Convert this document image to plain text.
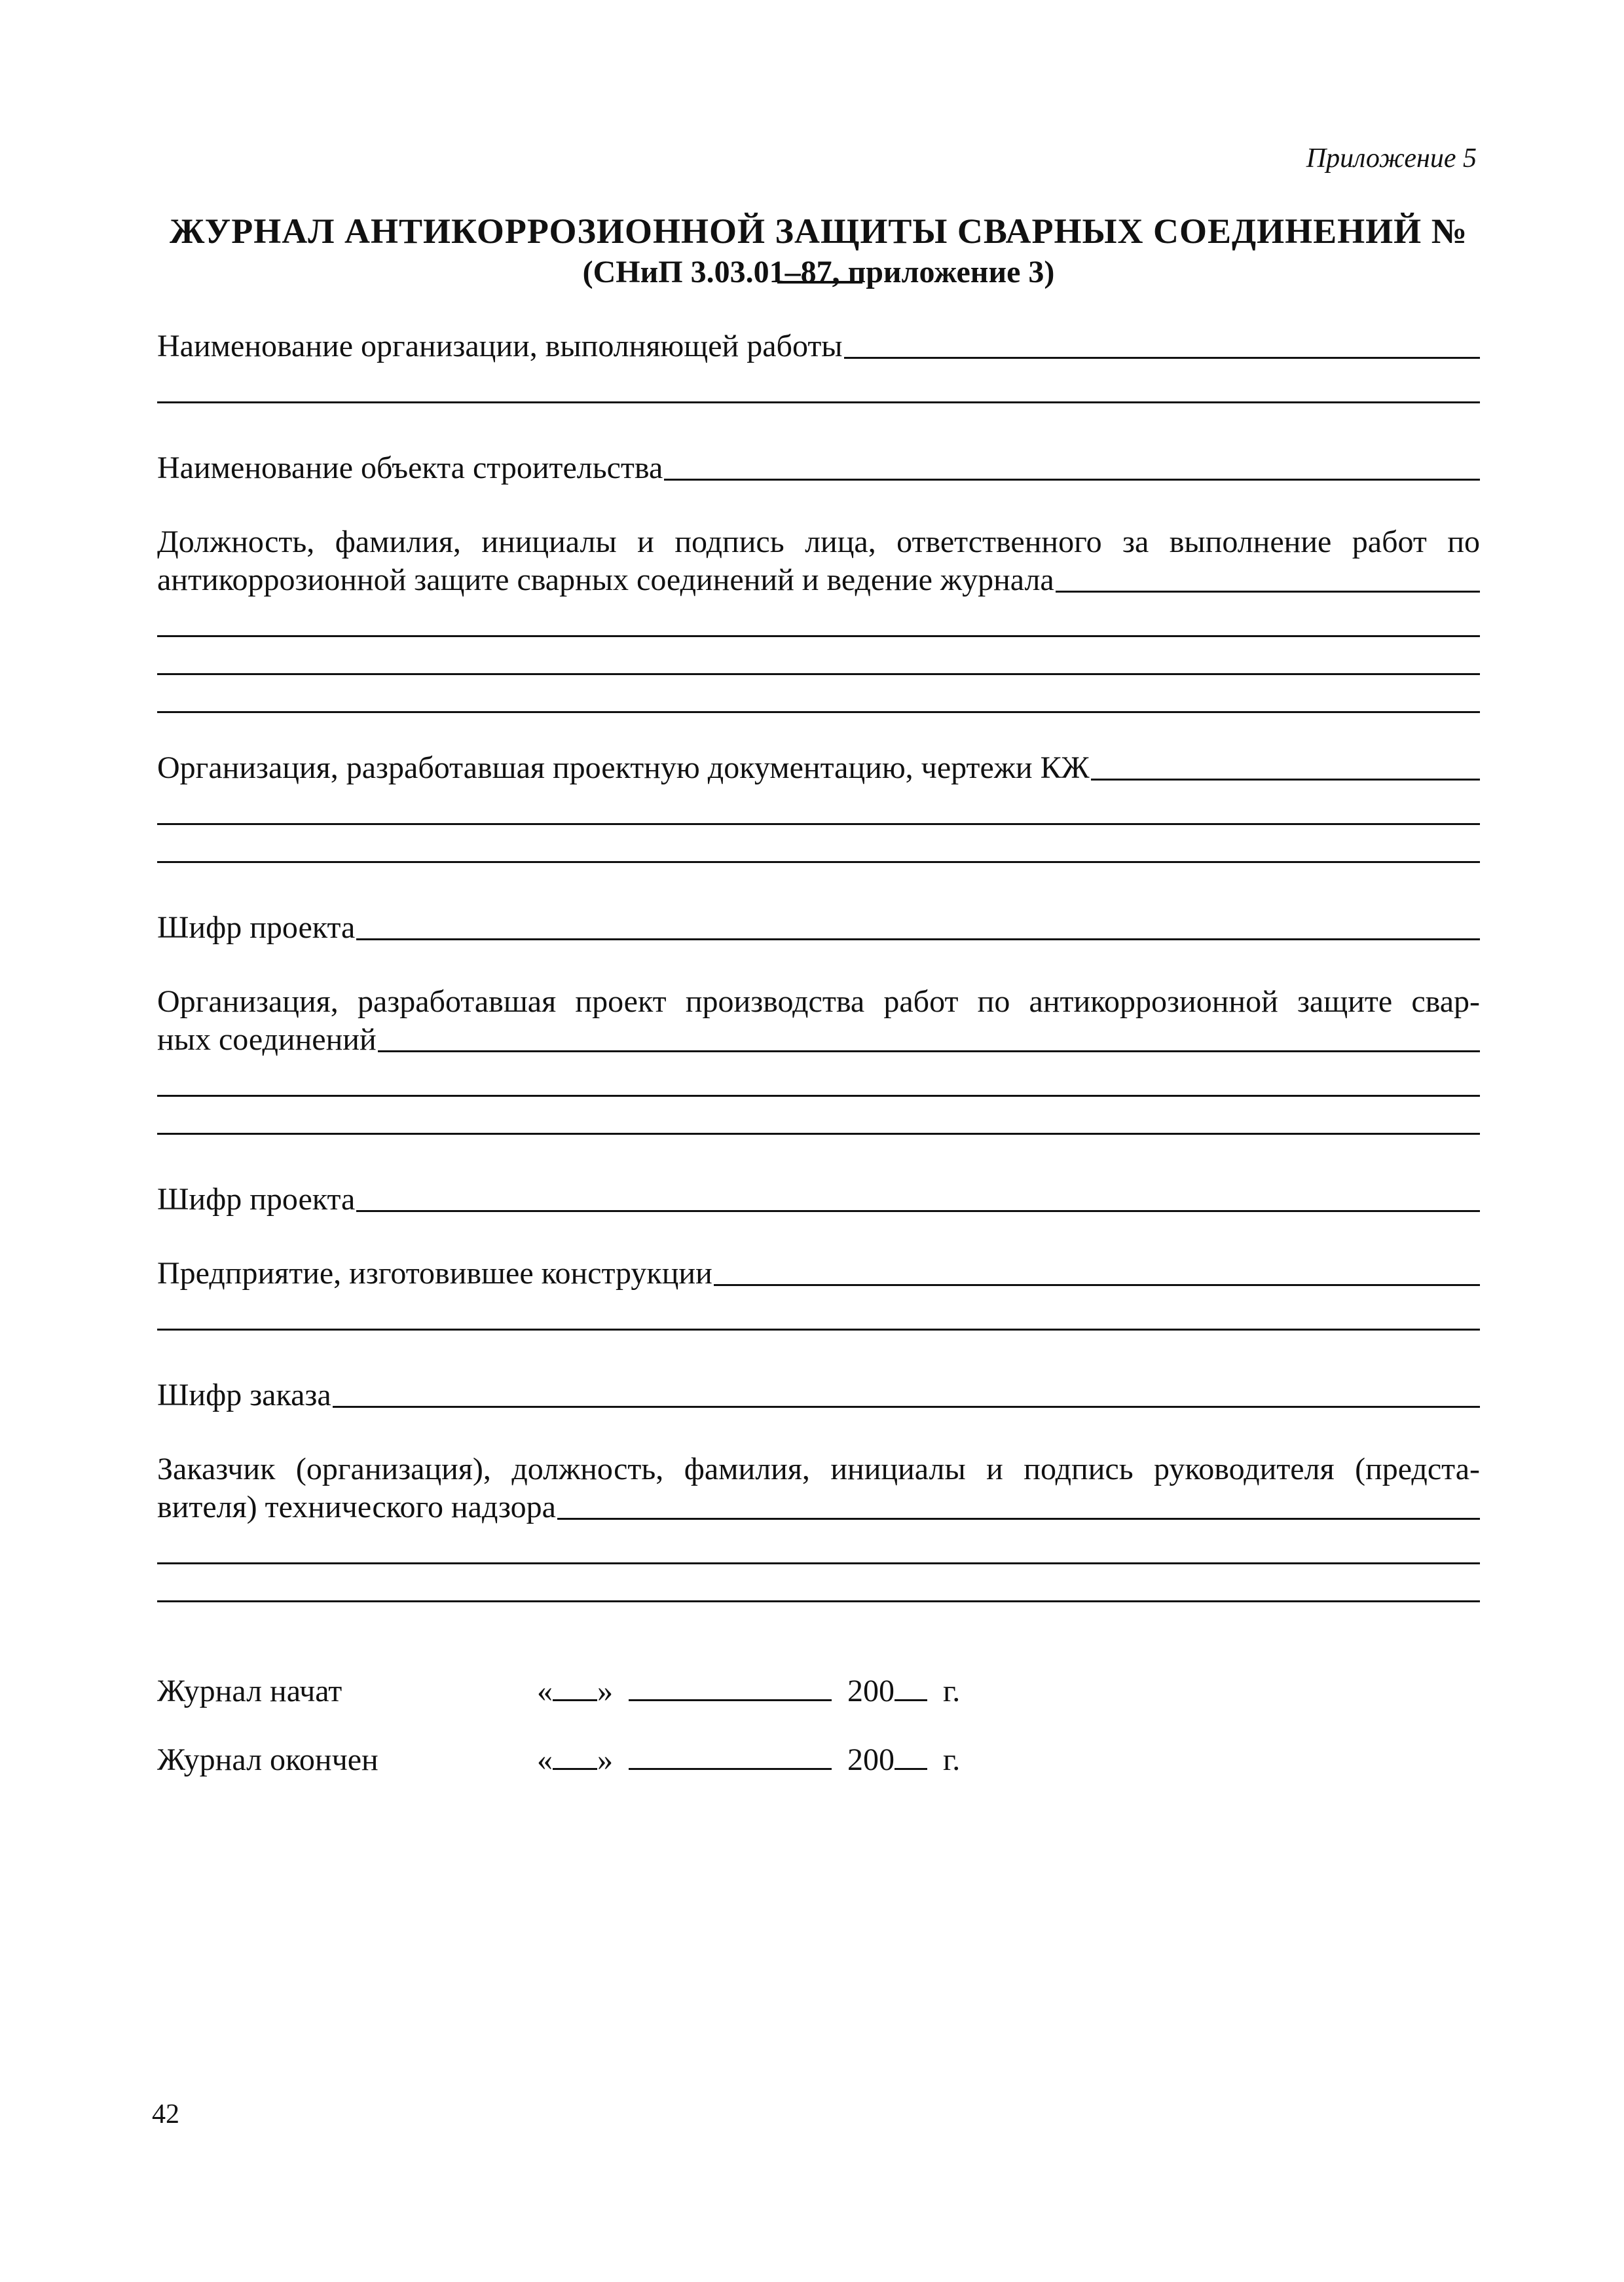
Приложение 5
ЖУРНАЛ АНТИКОРРОЗИОННОЙ ЗАЩИТЫ СВАРНЫХ СОЕДИНЕНИЙ №
(СНиП 3.03.01–87, приложение 3)
Наименование организации, выполняющей работы
Наименование объекта строительства
Должность, фамилия, инициалы и подпись лица, ответственного за выполнение работ по
антикоррозионной защите сварных соединений и ведение журнала
Организация, разработавшая проектную документацию, чертежи КЖ
Шифр проекта
Организация, разработавшая проект производства работ по антикоррозионной защите свар-
ных соединений
Шифр проекта
Предприятие, изготовившее конструкции
Шифр заказа
Заказчик (организация), должность, фамилия, инициалы и подпись руководителя (предста-
вителя) технического надзора
Журнал начат	« »	200 г.
Журнал окончен	« »	200 г.
42
